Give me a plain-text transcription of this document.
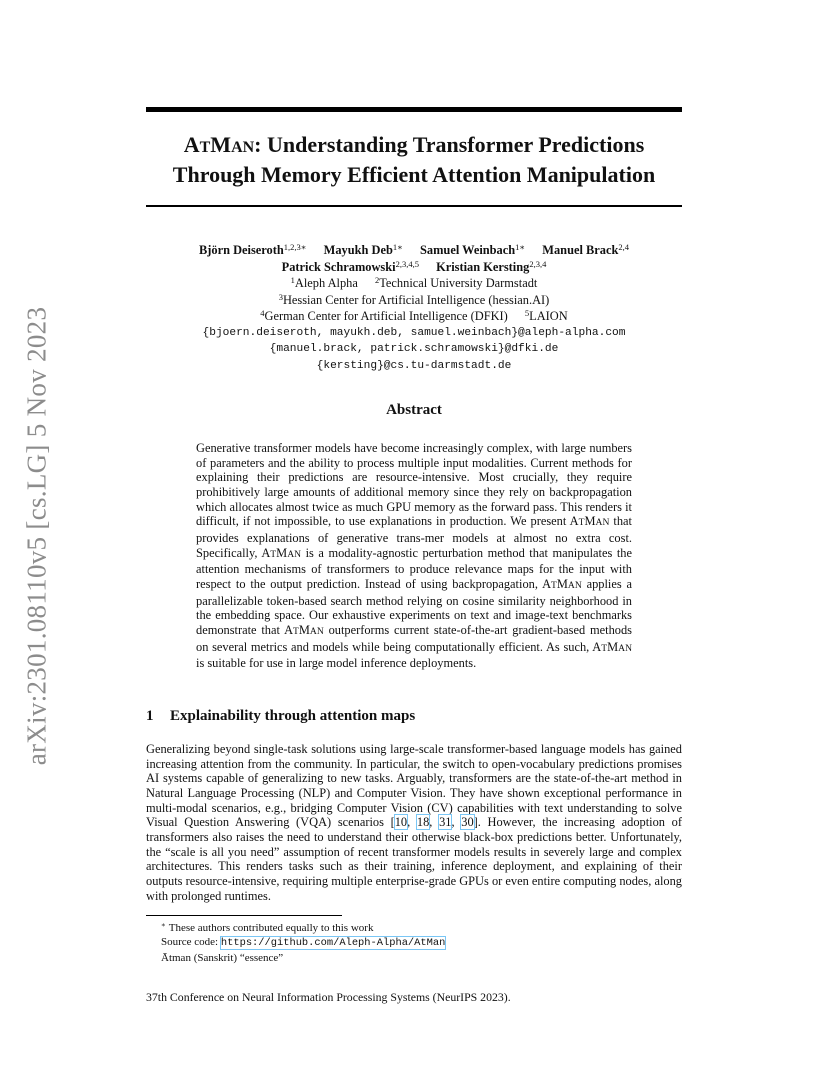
arXiv:2301.08110v5 [cs.LG] 5 Nov 2023
ATMAN: Understanding Transformer Predictions
Through Memory Efficient Attention Manipulation
Björn Deiseroth$^{1,2,3∗}$ Mayukh Deb$^{1∗}$ Samuel Weinbach$^{1∗}$ Manuel Brack$^{2,4}$
Patrick Schramowski$^{2,3,4,5}$ Kristian Kersting$^{2,3,4}$
$^1$Aleph Alpha $^2$Technical University Darmstadt
$^3$Hessian Center for Artificial Intelligence (hessian.AI)
$^4$German Center for Artificial Intelligence (DFKI) $^5$LAION
{bjoern.deiseroth, mayukh.deb, samuel.weinbach}@aleph-alpha.com
{manuel.brack, patrick.schramowski}@dfki.de
{kersting}@cs.tu-darmstadt.de
Abstract
Generative transformer models have become increasingly complex, with large numbers of parameters and the ability to process multiple input modalities. Current methods for explaining their predictions are resource-intensive. Most crucially, they require prohibitively large amounts of additional memory since they rely on backpropagation which allocates almost twice as much GPU memory as the forward pass. This renders it difficult, if not impossible, to use explanations in production. We present ATMAN that provides explanations of generative trans-mer models at almost no extra cost. Specifically, ATMAN is a modality-agnostic perturbation method that manipulates the attention mechanisms of transformers to produce relevance maps for the input with respect to the output prediction. Instead of using backpropagation, ATMAN applies a parallelizable token-based search method relying on cosine similarity neighborhood in the embedding space. Our exhaustive experiments on text and image-text benchmarks demonstrate that ATMAN outperforms current state-of-the-art gradient-based methods on several metrics and models while being computationally efficient. As such, ATMAN is suitable for use in large model inference deployments.
1 Explainability through attention maps
Generalizing beyond single-task solutions using large-scale transformer-based language models has gained increasing attention from the community. In particular, the switch to open-vocabulary predictions promises AI systems capable of generalizing to new tasks. Arguably, transformers are the state-of-the-art method in Natural Language Processing (NLP) and Computer Vision. They have shown exceptional performance in multi-modal scenarios, e.g., bridging Computer Vision (CV) capabilities with text understanding to solve Visual Question Answering (VQA) scenarios [10, 18, 31, 30]. However, the increasing adoption of transformers also raises the need to understand their otherwise black-box predictions better. Unfortunately, the “scale is all you need” assumption of recent transformer models results in severely large and complex architectures. This renders tasks such as their training, inference deployment, and explaining of their outputs resource-intensive, requiring multiple enterprise-grade GPUs or even entire computing nodes, along with prolonged runtimes.
∗ These authors contributed equally to this work
Source code: https://github.com/Aleph-Alpha/AtMan
Ātman (Sanskrit) “essence”
37th Conference on Neural Information Processing Systems (NeurIPS 2023).
